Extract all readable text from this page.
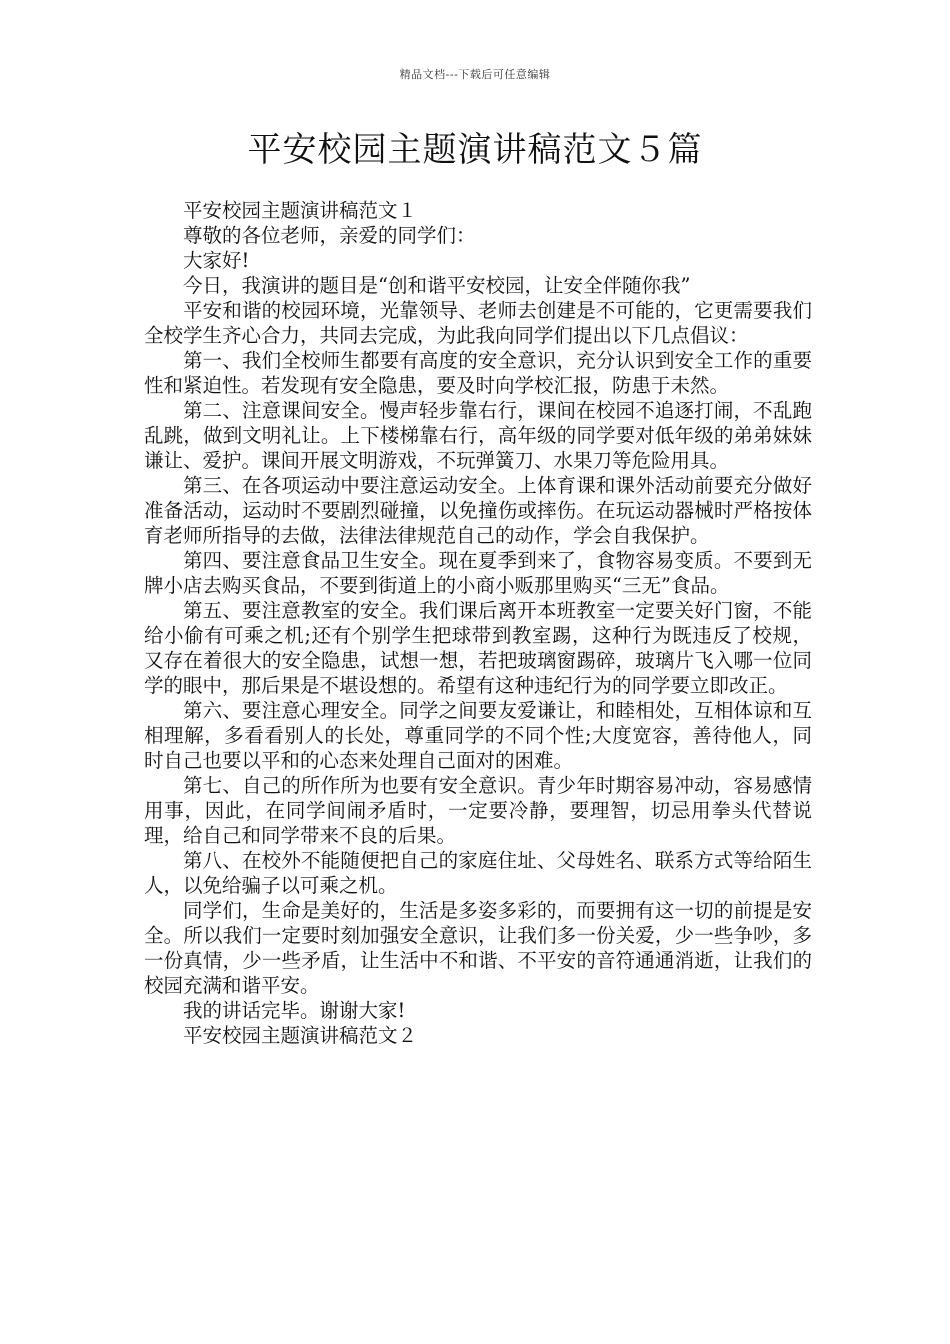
精品文档---下载后可任意编辑
平安校园主题演讲稿范文５篇

平安校园主题演讲稿范文１

尊敬的各位老师，亲爱的同学们：

大家好!

今日，我演讲的题目是“创和谐平安校园，让安全伴随你我”

平安和谐的校园环境，光靠领导、老师去创建是不可能的，它更需要我们全校学生齐心合力，共同去完成，为此我向同学们提出以下几点倡议：

第一、我们全校师生都要有高度的安全意识，充分认识到安全工作的重要性和紧迫性。若发现有安全隐患，要及时向学校汇报，防患于未然。

第二、注意课间安全。慢声轻步靠右行，课间在校园不追逐打闹，不乱跑乱跳，做到文明礼让。上下楼梯靠右行，高年级的同学要对低年级的弟弟妹妹谦让、爱护。课间开展文明游戏，不玩弹簧刀、水果刀等危险用具。

第三、在各项运动中要注意运动安全。上体育课和课外活动前要充分做好准备活动，运动时不要剧烈碰撞，以免撞伤或摔伤。在玩运动器械时严格按体育老师所指导的去做，法律法律规范自己的动作，学会自我保护。

第四、要注意食品卫生安全。现在夏季到来了，食物容易变质。不要到无牌小店去购买食品，不要到街道上的小商小贩那里购买“三无”食品。

第五、要注意教室的安全。我们课后离开本班教室一定要关好门窗，不能给小偷有可乘之机;还有个别学生把球带到教室踢，这种行为既违反了校规，又存在着很大的安全隐患，试想一想，若把玻璃窗踢碎，玻璃片飞入哪一位同学的眼中，那后果是不堪设想的。希望有这种违纪行为的同学要立即改正。

第六、要注意心理安全。同学之间要友爱谦让，和睦相处，互相体谅和互相理解，多看看别人的长处，尊重同学的不同个性;大度宽容，善待他人，同时自己也要以平和的心态来处理自己面对的困难。

第七、自己的所作所为也要有安全意识。青少年时期容易冲动，容易感情用事，因此，在同学间闹矛盾时，一定要冷静，要理智，切忌用拳头代替说理，给自己和同学带来不良的后果。

第八、在校外不能随便把自己的家庭住址、父母姓名、联系方式等给陌生人，以免给骗子以可乘之机。

同学们，生命是美好的，生活是多姿多彩的，而要拥有这一切的前提是安全。所以我们一定要时刻加强安全意识，让我们多一份关爱，少一些争吵，多一份真情，少一些矛盾，让生活中不和谐、不平安的音符通通消逝，让我们的校园充满和谐平安。

我的讲话完毕。谢谢大家!

平安校园主题演讲稿范文２
